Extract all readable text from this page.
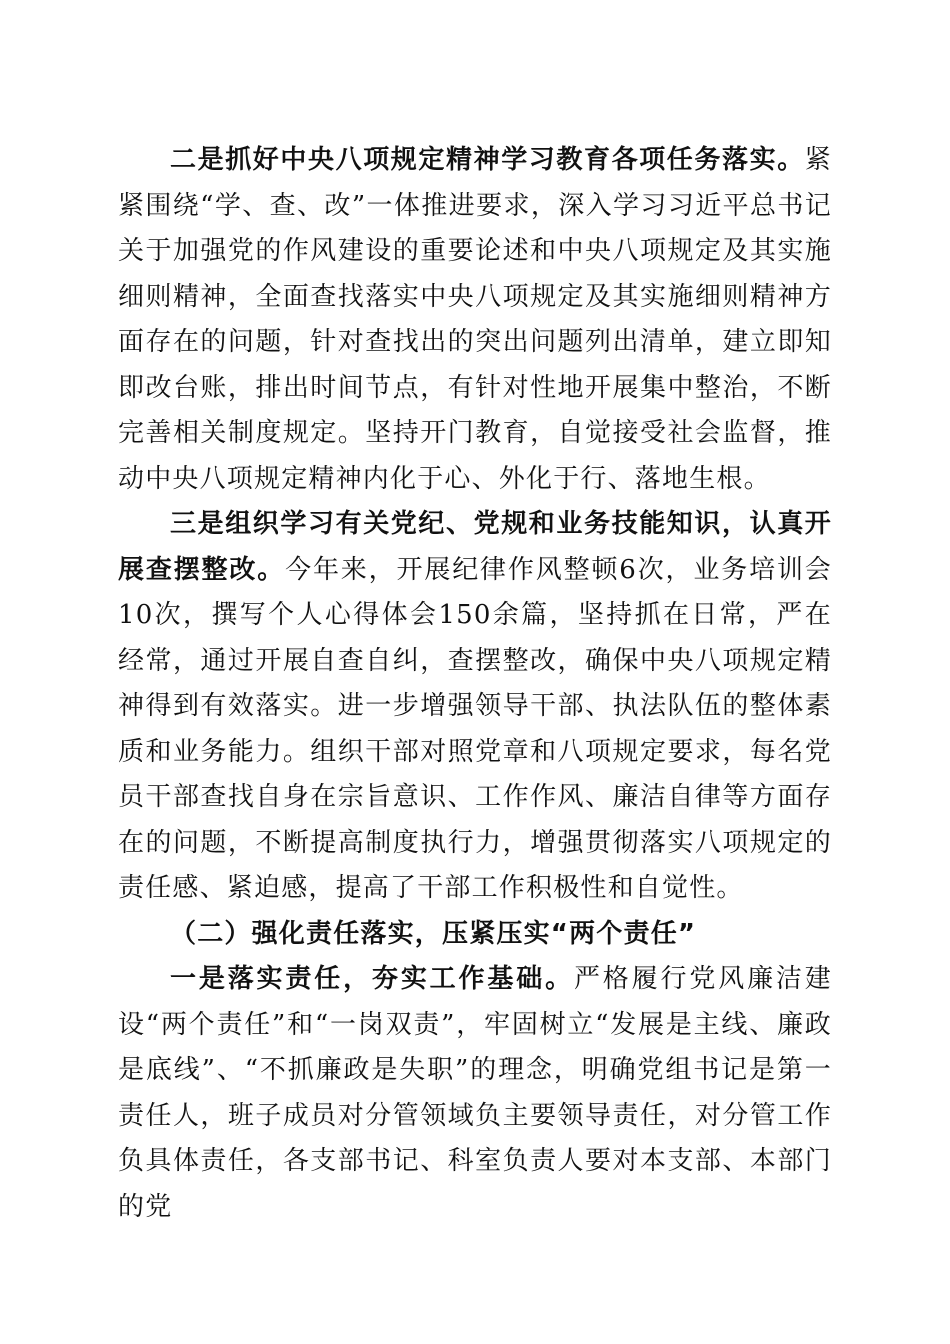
二是抓好中央八项规定精神学习教育各项任务落实。紧紧围绕“学、查、改”一体推进要求，深入学习习近平总书记关于加强党的作风建设的重要论述和中央八项规定及其实施细则精神，全面查找落实中央八项规定及其实施细则精神方面存在的问题，针对查找出的突出问题列出清单，建立即知即改台账，排出时间节点，有针对性地开展集中整治，不断完善相关制度规定。坚持开门教育，自觉接受社会监督，推动中央八项规定精神内化于心、外化于行、落地生根。

三是组织学习有关党纪、党规和业务技能知识，认真开展查摆整改。今年来，开展纪律作风整顿6次，业务培训会10次，撰写个人心得体会150余篇，坚持抓在日常，严在经常，通过开展自查自纠，查摆整改，确保中央八项规定精神得到有效落实。进一步增强领导干部、执法队伍的整体素质和业务能力。组织干部对照党章和八项规定要求，每名党员干部查找自身在宗旨意识、工作作风、廉洁自律等方面存在的问题，不断提高制度执行力，增强贯彻落实八项规定的责任感、紧迫感，提高了干部工作积极性和自觉性。

（二）强化责任落实，压紧压实“两个责任”

一是落实责任，夯实工作基础。严格履行党风廉洁建设“两个责任”和“一岗双责”，牢固树立“发展是主线、廉政是底线”、“不抓廉政是失职”的理念，明确党组书记是第一责任人，班子成员对分管领域负主要领导责任，对分管工作负具体责任，各支部书记、科室负责人要对本支部、本部门的党
